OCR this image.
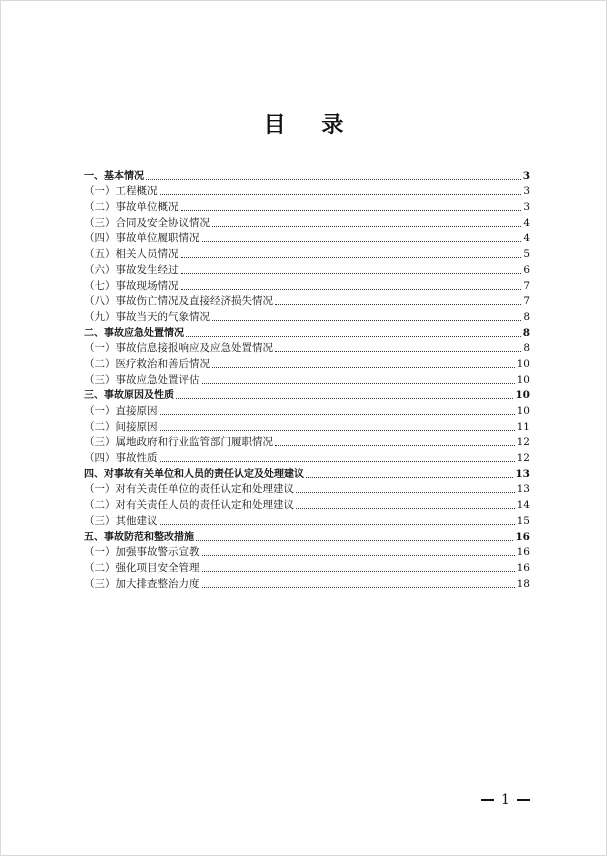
目 录
一、基本情况	3
（一）工程概况	3
（二）事故单位概况	3
（三）合同及安全协议情况	4
（四）事故单位履职情况	4
（五）相关人员情况	5
（六）事故发生经过	6
（七）事故现场情况	7
（八）事故伤亡情况及直接经济损失情况	7
（九）事故当天的气象情况	8
二、事故应急处置情况	8
（一）事故信息接报响应及应急处置情况	8
（二）医疗救治和善后情况	10
（三）事故应急处置评估	10
三、事故原因及性质	10
（一）直接原因	10
（二）间接原因	11
（三）属地政府和行业监管部门履职情况	12
（四）事故性质	12
四、对事故有关单位和人员的责任认定及处理建议	13
（一）对有关责任单位的责任认定和处理建议	13
（二）对有关责任人员的责任认定和处理建议	14
（三）其他建议	15
五、事故防范和整改措施	16
（一）加强事故警示宣教	16
（二）强化项目安全管理	16
（三）加大排查整治力度	18
1
